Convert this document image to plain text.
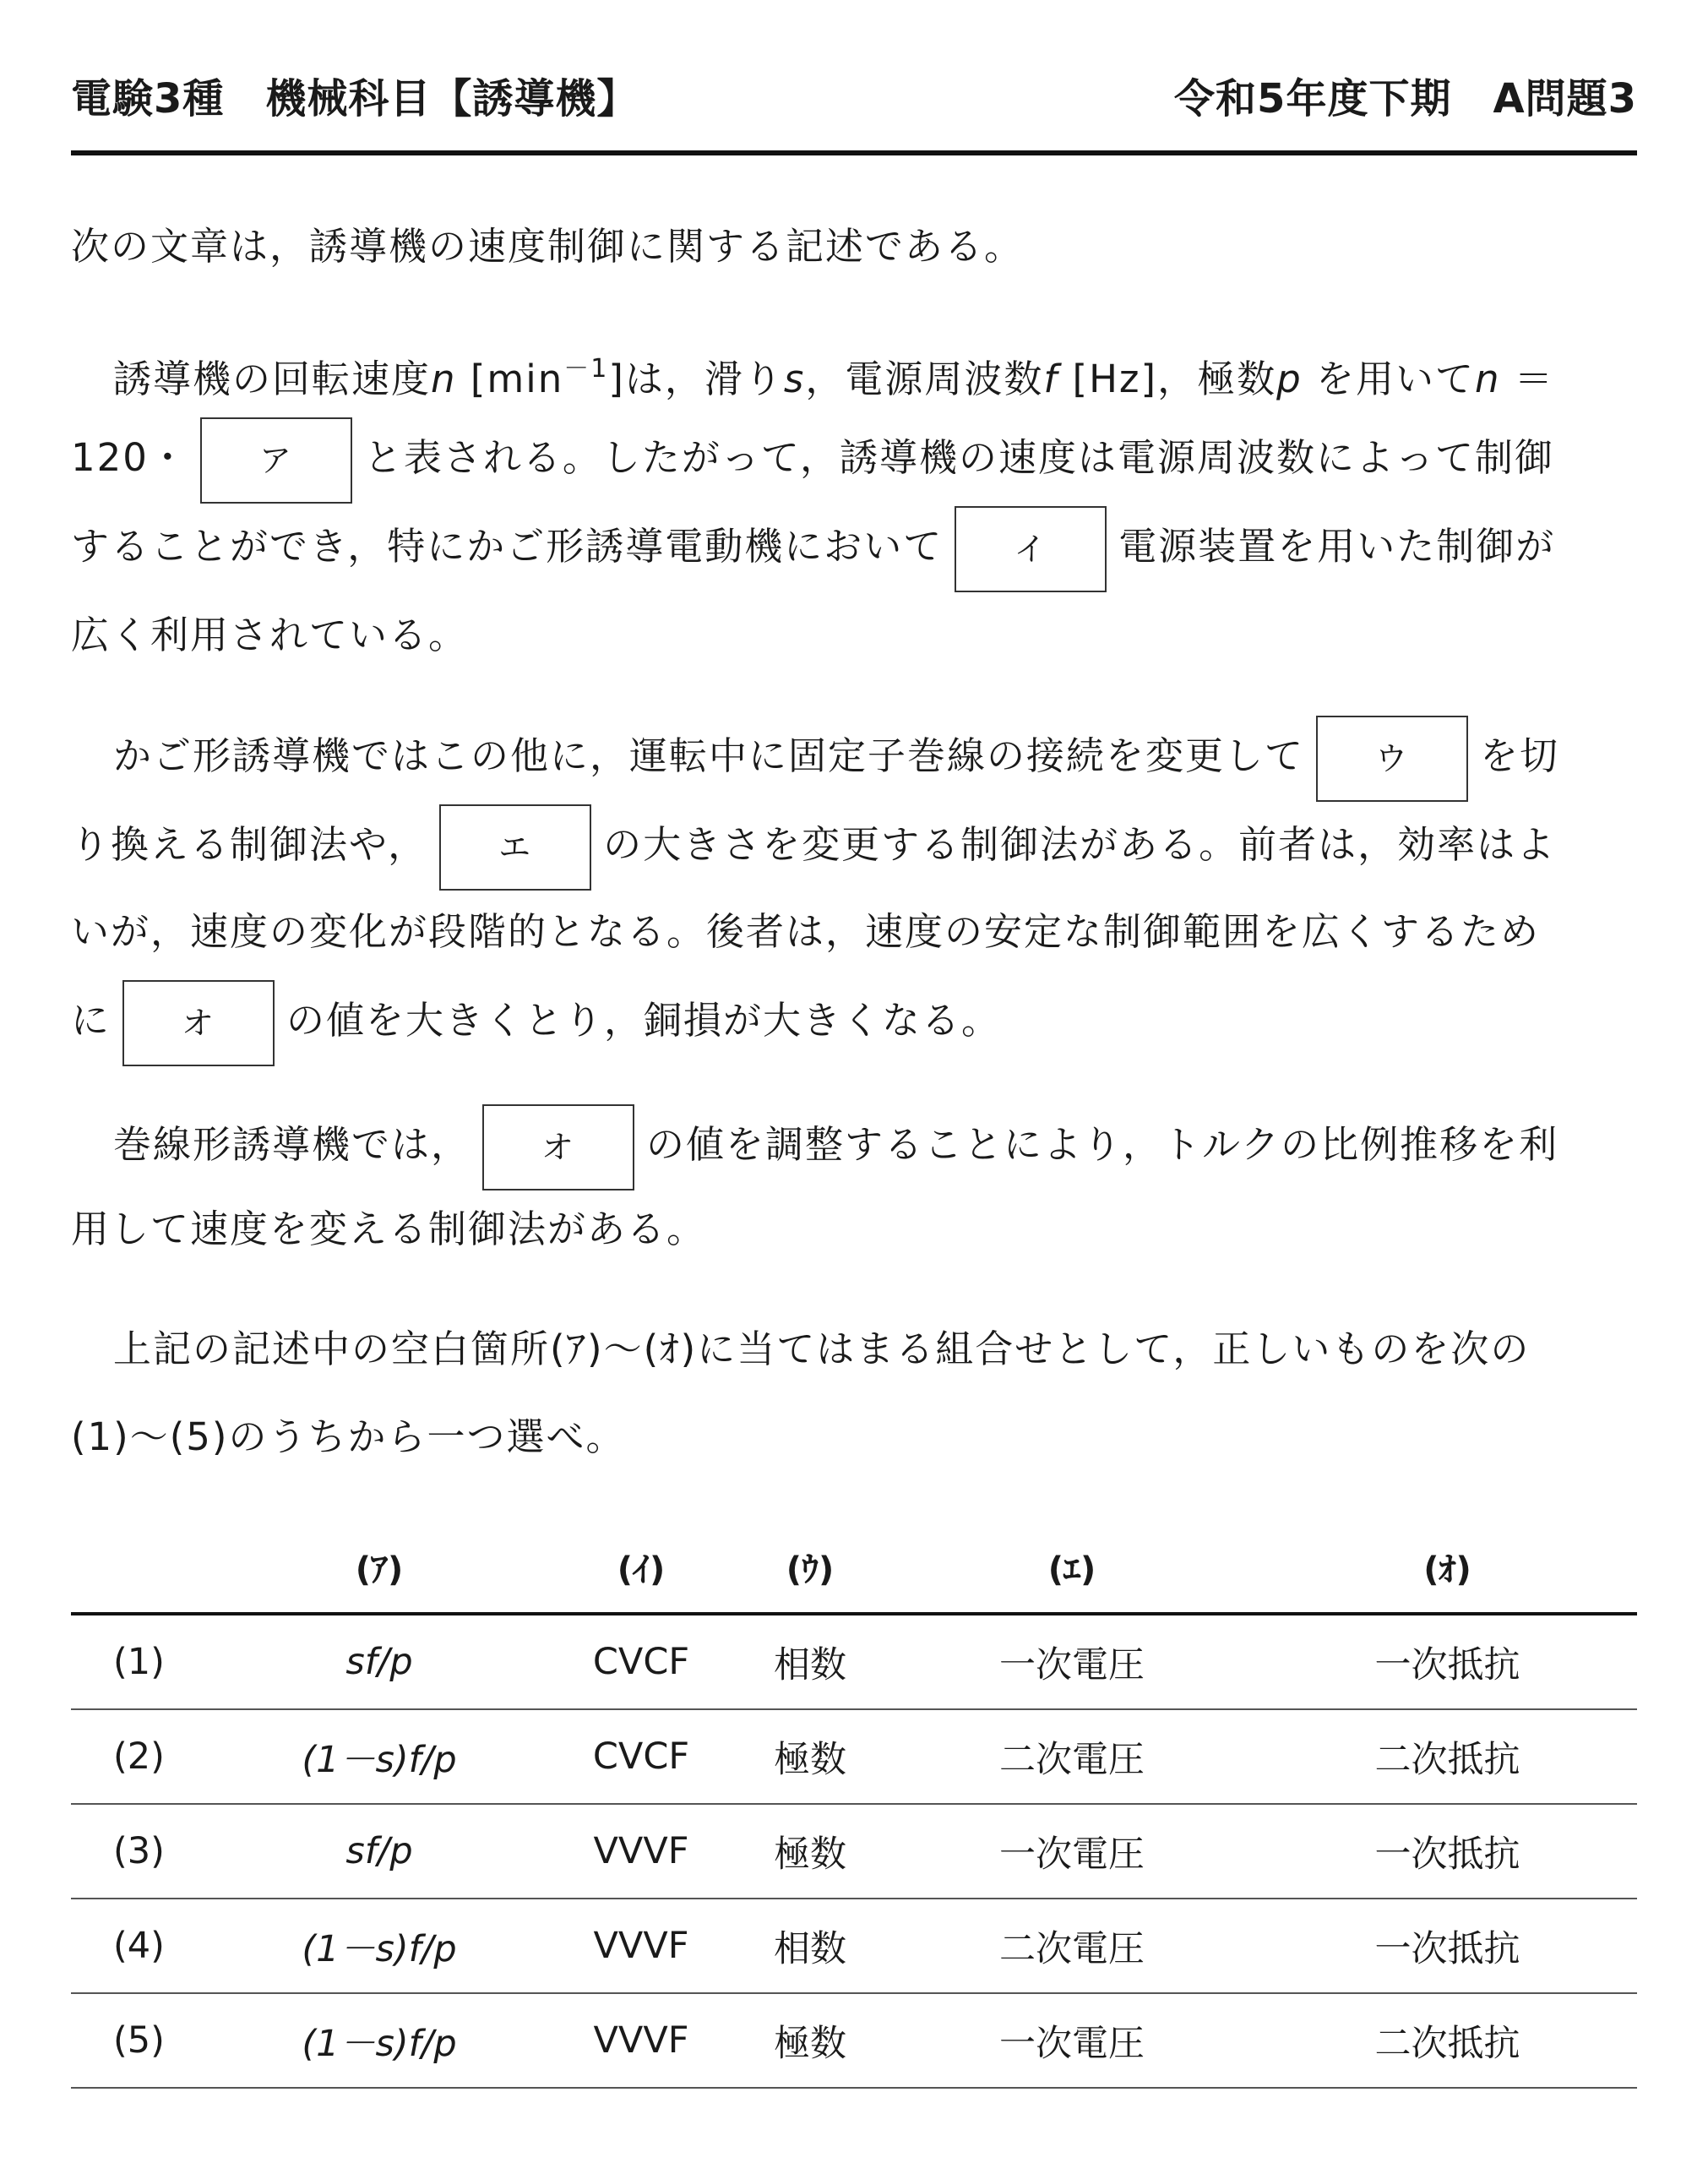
電験3種　機械科目【誘導機】	令和5年度下期　A問題3
次の文章は，誘導機の速度制御に関する記述である。
誘導機の回転速度n $[\min^{-1}]$は，滑りs，電源周波数f [Hz]，極数p を用いてn ＝
120・ ア と表される。したがって，誘導機の速度は電源周波数によって制御
することができ，特にかご形誘導電動機において イ 電源装置を用いた制御が
広く利用されている。
かご形誘導機ではこの他に，運転中に固定子巻線の接続を変更して ウ を切
り換える制御法や， エ の大きさを変更する制御法がある。前者は，効率はよ
いが，速度の変化が段階的となる。後者は，速度の安定な制御範囲を広くするため
に オ の値を大きくとり，銅損が大きくなる。
巻線形誘導機では， オ の値を調整することにより，トルクの比例推移を利
用して速度を変える制御法がある。
上記の記述中の空白箇所(ｱ)～(ｵ)に当てはまる組合せとして，正しいものを次の
(1)～(5)のうちから一つ選べ。
	(ｱ)	(ｲ)	(ｳ)	(ｴ)	(ｵ)
(1)	sf/p	CVCF	相数	一次電圧	一次抵抗
(2)	(1－s)f/p	CVCF	極数	二次電圧	二次抵抗
(3)	sf/p	VVVF	極数	一次電圧	一次抵抗
(4)	(1－s)f/p	VVVF	相数	二次電圧	一次抵抗
(5)	(1－s)f/p	VVVF	極数	一次電圧	二次抵抗
